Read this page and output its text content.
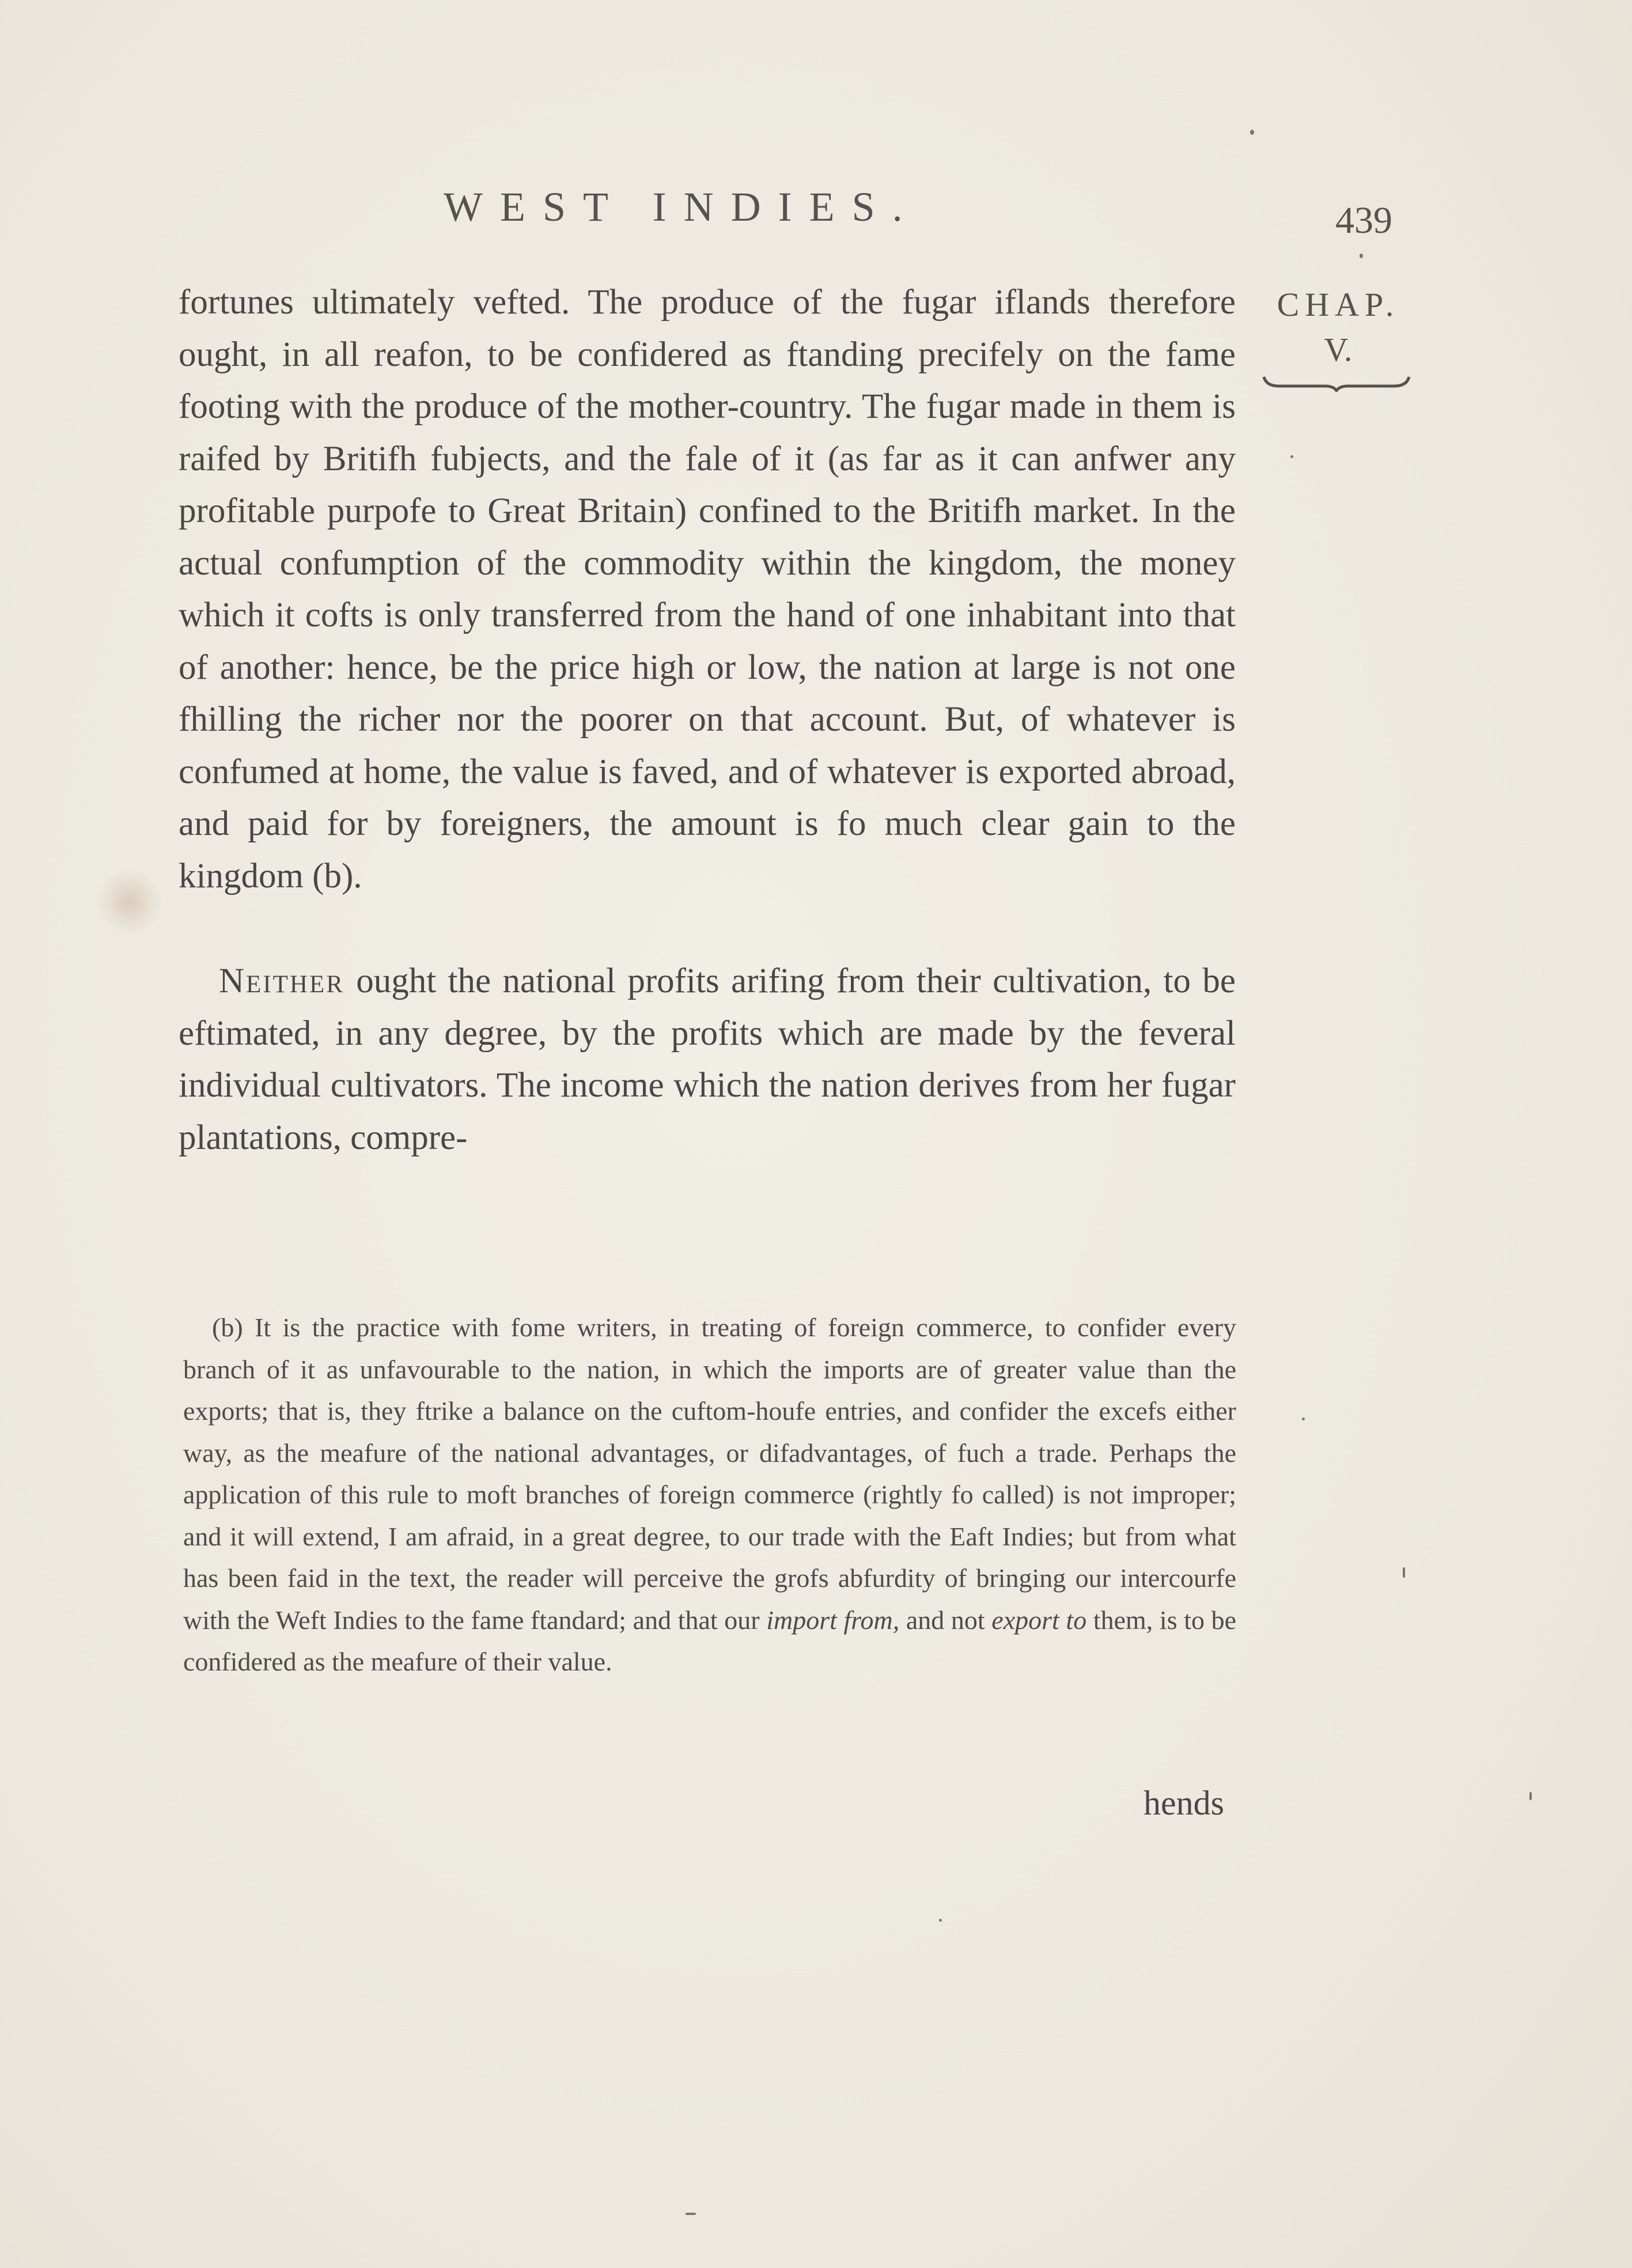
WEST INDIES.	439
CHAP.
V.

fortunes ultimately vefted. The produce of the fugar iflands therefore ought, in all reafon, to be confidered as ftanding precifely on the fame footing with the produce of the mother-country. The fugar made in them is raifed by Britifh fubjects, and the fale of it (as far as it can anfwer any profitable purpofe to Great Britain) confined to the Britifh market. In the actual confumption of the commodity within the kingdom, the money which it cofts is only transferred from the hand of one inhabitant into that of another: hence, be the price high or low, the nation at large is not one fhilling the richer nor the poorer on that account. But, of whatever is confumed at home, the value is faved, and of whatever is exported abroad, and paid for by foreigners, the amount is fo much clear gain to the kingdom (b).

Neither ought the national profits arifing from their cultivation, to be eftimated, in any degree, by the profits which are made by the feveral individual cultivators. The income which the nation derives from her fugar plantations, compre-

(b) It is the practice with fome writers, in treating of foreign commerce, to confider every branch of it as unfavourable to the nation, in which the imports are of greater value than the exports; that is, they ftrike a balance on the cuftom-houfe entries, and confider the excefs either way, as the meafure of the national advantages, or difadvantages, of fuch a trade. Perhaps the application of this rule to moft branches of foreign commerce (rightly fo called) is not improper; and it will extend, I am afraid, in a great degree, to our trade with the Eaft Indies; but from what has been faid in the text, the reader will perceive the grofs abfurdity of bringing our intercourfe with the Weft Indies to the fame ftandard; and that our import from, and not export to them, is to be confidered as the meafure of their value.

hends
